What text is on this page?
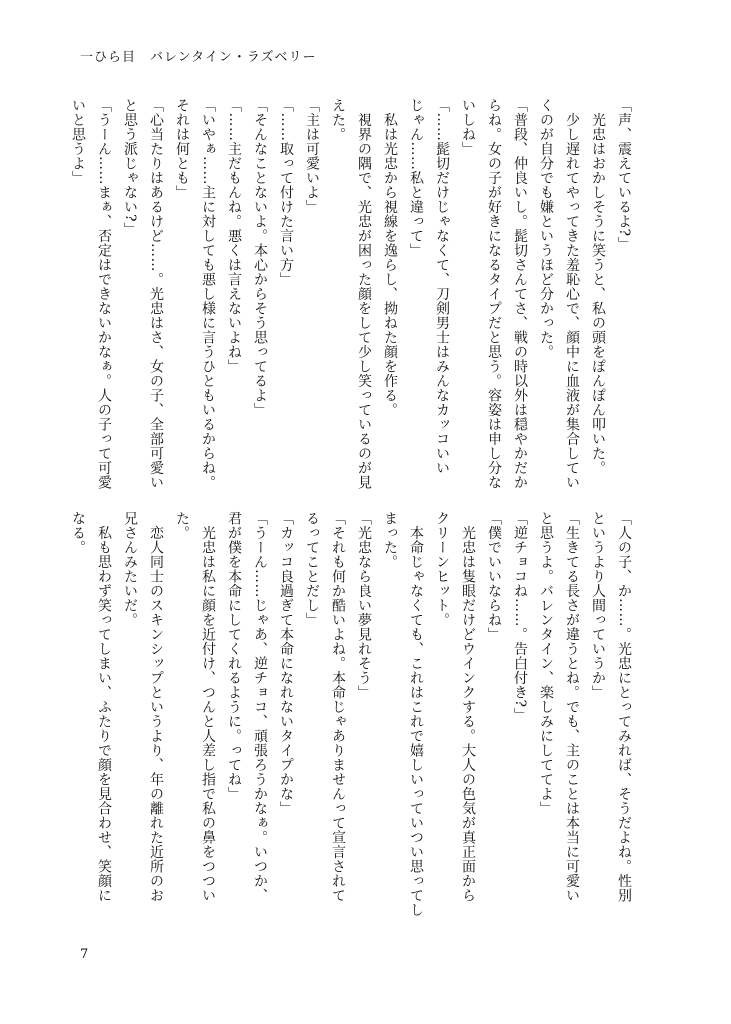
一ひら目　バレンタイン・ラズベリー
「声、震えているよ?」
　光忠はおかしそうに笑うと、私の頭をぽんぽん叩いた。
　少し遅れてやってきた羞恥心で、顔中に血液が集合してい
くのが自分でも嫌というほど分かった。
「普段、仲良いし。髭切さんてさ、戦の時以外は穏やかだか
らね。女の子が好きになるタイプだと思う。容姿は申し分な
いしね」
「……髭切だけじゃなくて、刀剣男士はみんなカッコいい
じゃん……私と違って」
　私は光忠から視線を逸らし、拗ねた顔を作る。
　視界の隅で、光忠が困った顔をして少し笑っているのが見
えた。
「主は可愛いよ」
「……取って付けた言い方」
「そんなことないよ。本心からそう思ってるよ」
「……主だもんね。悪くは言えないよね」
「いやぁ……主に対しても悪し様に言うひともいるからね。
それは何とも」
「心当たりはあるけど……。光忠はさ、女の子、全部可愛い
と思う派じゃない?」
「うーん……まぁ、否定はできないかなぁ。人の子って可愛
いと思うよ」
「人の子、か……。光忠にとってみれば、そうだよね。性別
というより人間っていうか」
「生きてる長さが違うとね。でも、主のことは本当に可愛い
と思うよ。バレンタイン、楽しみにしててよ」
「逆チョコね……。告白付き?」
「僕でいいならね」
　光忠は隻眼だけどウインクする。大人の色気が真正面から
クリーンヒット。
　本命じゃなくても、これはこれで嬉しいっていつい思ってし
まった。
「光忠なら良い夢見れそう」
「それも何か酷いよね。本命じゃありませんって宣言されて
るってことだし」
「カッコ良過ぎて本命になれないタイプかな」
「うーん……じゃあ、逆チョコ、頑張ろうかなぁ。いつか、
君が僕を本命にしてくれるように。ってね」
　光忠は私に顔を近付け、つんと人差し指で私の鼻をつつい
た。
　恋人同士のスキンシップというより、年の離れた近所のお
兄さんみたいだ。
　私も思わず笑ってしまい、ふたりで顔を見合わせ、笑顔に
なる。
7
